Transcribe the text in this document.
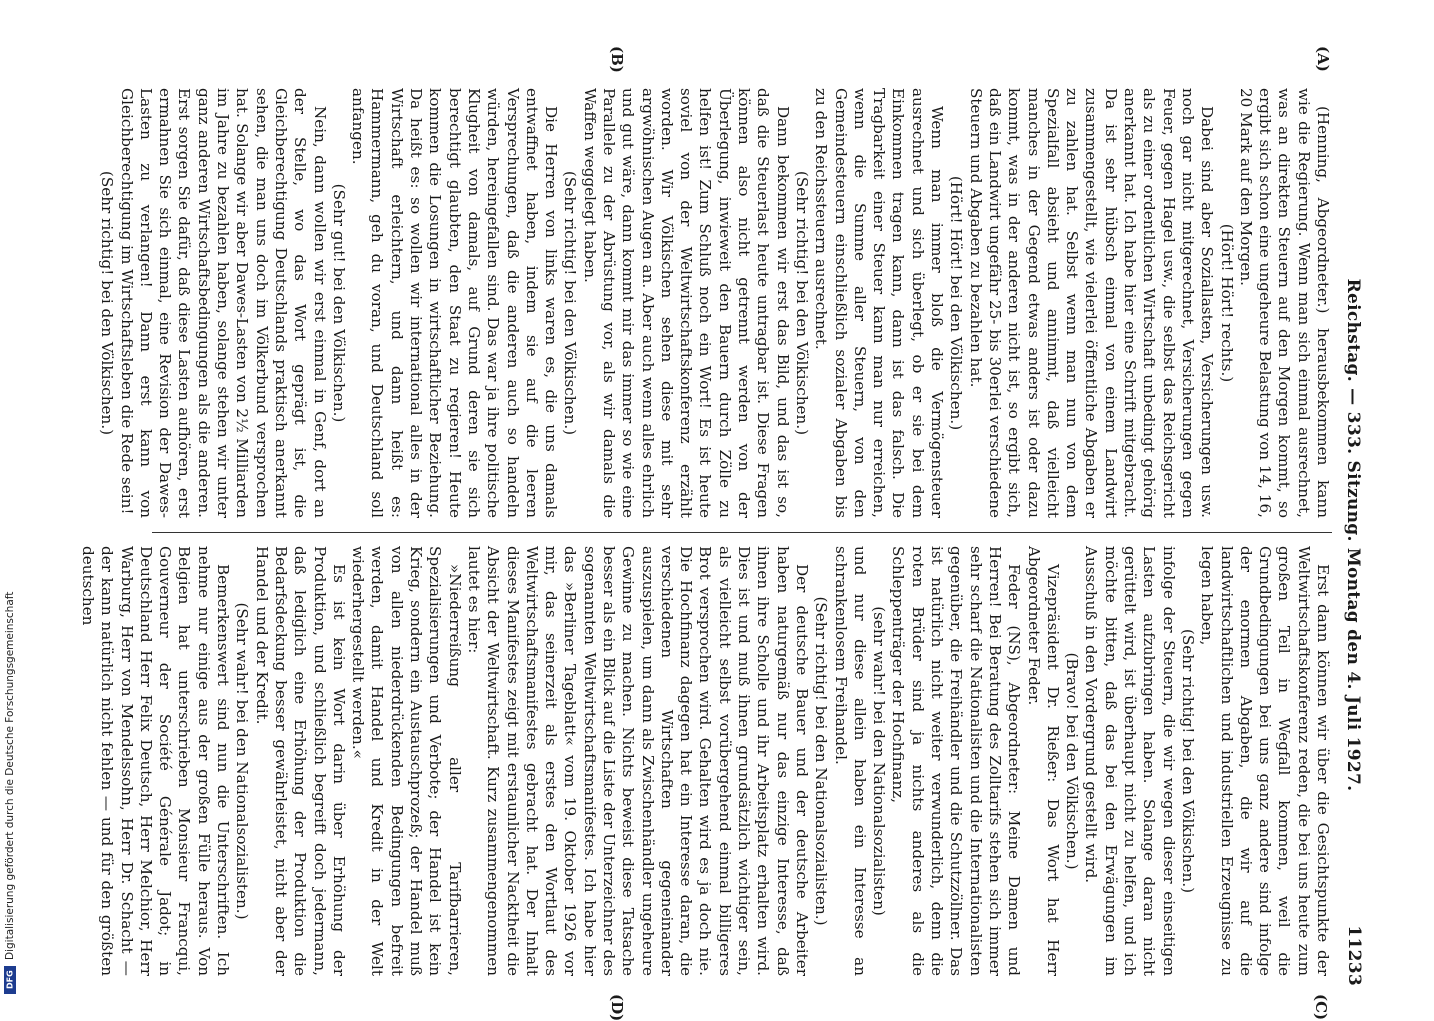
Reichstag. — 333. Sitzung. Montag den 4. Juli 1927.
11233
(A)
(B)
(C)
(D)

(Henning, Abgeordneter.) herausbekommen kann wie die Regierung. Wenn man sich einmal ausrechnet, was an direkten Steuern auf den Morgen kommt, so ergibt sich schon eine ungeheure Belastung von 14, 16, 20 Mark auf den Morgen.

(Hört! Hört! rechts.)

Dabei sind aber Soziallasten, Versicherungen usw. noch gar nicht mitgerechnet, Versicherungen gegen Feuer, gegen Hagel usw., die selbst das Reichsgericht als zu einer ordentlichen Wirtschaft unbedingt gehörig anerkannt hat. Ich habe hier eine Schrift mitgebracht. Da ist sehr hübsch einmal von einem Landwirt zusammengestellt, wie vielerlei öffentliche Abgaben er zu zahlen hat. Selbst wenn man nun von dem Spezialfall absieht und annimmt, daß vielleicht manches in der Gegend etwas anders ist oder dazu kommt, was in der anderen nicht ist, so ergibt sich, daß ein Landwirt ungefähr 25- bis 30erlei verschiedene Steuern und Abgaben zu bezahlen hat.

(Hört! Hört! bei den Völkischen.)

Wenn man immer bloß die Vermögensteuer ausrechnet und sich überlegt, ob er sie bei dem Einkommen tragen kann, dann ist das falsch. Die Tragbarkeit einer Steuer kann man nur erreichen, wenn die Summe aller Steuern, von den Gemeindesteuern einschließlich sozialer Abgaben bis zu den Reichssteuern ausrechnet.

(Sehr richtig! bei den Völkischen.)

Dann bekommen wir erst das Bild, und das ist so, daß die Steuerlast heute untragbar ist. Diese Fragen können also nicht getrennt werden von der Überlegung, inwieweit den Bauern durch Zölle zu helfen ist! Zum Schluß noch ein Wort! Es ist heute soviel von der Weltwirtschaftskonferenz erzählt worden. Wir Völkischen sehen diese mit sehr argwöhnischen Augen an. Aber auch wenn alles ehrlich und gut wäre, dann kommt mir das immer so wie eine Parallele zu der Abrüstung vor, als wir damals die Waffen weggelegt haben.

(Sehr richtig! bei den Völkischen.)

Die Herren von links waren es, die uns damals entwaffnet haben, indem sie auf die leeren Versprechungen, daß die anderen auch so handeln würden, hereingefallen sind. Das war ja ihre politische Klugheit von damals, auf Grund deren sie sich berechtigt glaubten, den Staat zu regieren! Heute kommen die Losungen in wirtschaftlicher Beziehung. Da heißt es: so wollen wir international alles in der Wirtschaft erleichtern, und dann heißt es: Hammermann, geh du voran, und Deutschland soll anfangen.

(Sehr gut! bei den Völkischen.)

Nein, dann wollen wir erst einmal in Genf, dort an der Stelle, wo das Wort geprägt ist, die Gleichberechtigung Deutschlands praktisch anerkannt sehen, die man uns doch im Völkerbund versprochen hat. Solange wir aber Dawes-Lasten von 2½ Milliarden im Jahre zu bezahlen haben, solange stehen wir unter ganz anderen Wirtschaftsbedingungen als die anderen. Erst sorgen Sie dafür, daß diese Lasten aufhören, erst ermahnen Sie sich einmal, eine Revision der Dawes-Lasten zu verlangen! Dann erst kann von Gleichberechtigung im Wirtschaftsleben die Rede sein!

(Sehr richtig! bei den Völkischen.)

Erst dann können wir über die Gesichtspunkte der Weltwirtschaftskonferenz reden, die bei uns heute zum großen Teil in Wegfall kommen, weil die Grundbedingungen bei uns ganz andere sind infolge der enormen Abgaben, die wir auf die landwirtschaftlichen und industriellen Erzeugnisse zu legen haben,

(Sehr richtig! bei den Völkischen.)

infolge der Steuern, die wir wegen dieser einseitigen Lasten aufzubringen haben. Solange daran nicht gerüttelt wird, ist überhaupt nicht zu helfen, und ich möchte bitten, daß das bei den Erwägungen im Ausschuß in den Vordergrund gestellt wird.

(Bravo! bei den Völkischen.)

Vizepräsident Dr. Rießer: Das Wort hat Herr Abgeordneter Feder.

Feder (NS), Abgeordneter: Meine Damen und Herren! Bei Beratung des Zolltarifs stehen sich immer sehr scharf die Nationalisten und die Internationalisten gegenüber, die Freihändler und die Schutzzöllner. Das ist natürlich nicht weiter verwunderlich, denn die roten Brüder sind ja nichts anderes als die Schleppenträger der Hochfinanz,

(sehr wahr! bei den Nationalsozialisten)

und nur diese allein haben ein Interesse an schrankenlosem Freihandel.

(Sehr richtig! bei den Nationalsozialisten.)

Der deutsche Bauer und der deutsche Arbeiter haben naturgemäß nur das einzige Interesse, daß ihnen ihre Scholle und ihr Arbeitsplatz erhalten wird. Dies ist und muß ihnen grundsätzlich wichtiger sein, als vielleicht selbst vorübergehend einmal billigeres Brot versprochen wird. Gehalten wird es ja doch nie. Die Hochfinanz dagegen hat ein Interesse daran, die verschiedenen Wirtschaften gegeneinander auszuspielen, um dann als Zwischenhändler ungeheure Gewinne zu machen. Nichts beweist diese Tatsache besser als ein Blick auf die Liste der Unterzeichner des sogenannten Weltwirtschaftsmanifestes. Ich habe hier das »Berliner Tageblatt« vom 19. Oktober 1926 vor mir, das seinerzeit als erstes den Wortlaut des Weltwirtschaftsmanifestes gebracht hat. Der Inhalt dieses Manifestes zeigt mit erstaunlicher Nacktheit die Absicht der Weltwirtschaft. Kurz zusammengenommen lautet es hier:

»Niederreißung aller Tarifbarrieren, Spezialisierungen und Verbote; der Handel ist kein Krieg, sondern ein Austauschprozeß; der Handel muß von allen niederdrückenden Bedingungen befreit werden, damit Handel und Kredit in der Welt wiederhergestellt werden.«

Es ist kein Wort darin über Erhöhung der Produktion, und schließlich begreift doch jedermann, daß lediglich eine Erhöhung der Produktion die Bedarfsdeckung besser gewährleistet, nicht aber der Handel und der Kredit.

(Sehr wahr! bei den Nationalsozialisten.)

Bemerkenswert sind nun die Unterschriften. Ich nehme nur einige aus der großen Fülle heraus. Von Belgien hat unterschrieben Monsieur Francqui, Gouverneur der Société Générale Jadot; in Deutschland Herr Felix Deutsch, Herr Melchior, Herr Warburg, Herr von Mendelssohn, Herr Dr. Schacht — der kann natürlich nicht fehlen — und für den größten deutschen

Digitalisierung gefördert durch die Deutsche Forschungsgemeinschaft
DFG
